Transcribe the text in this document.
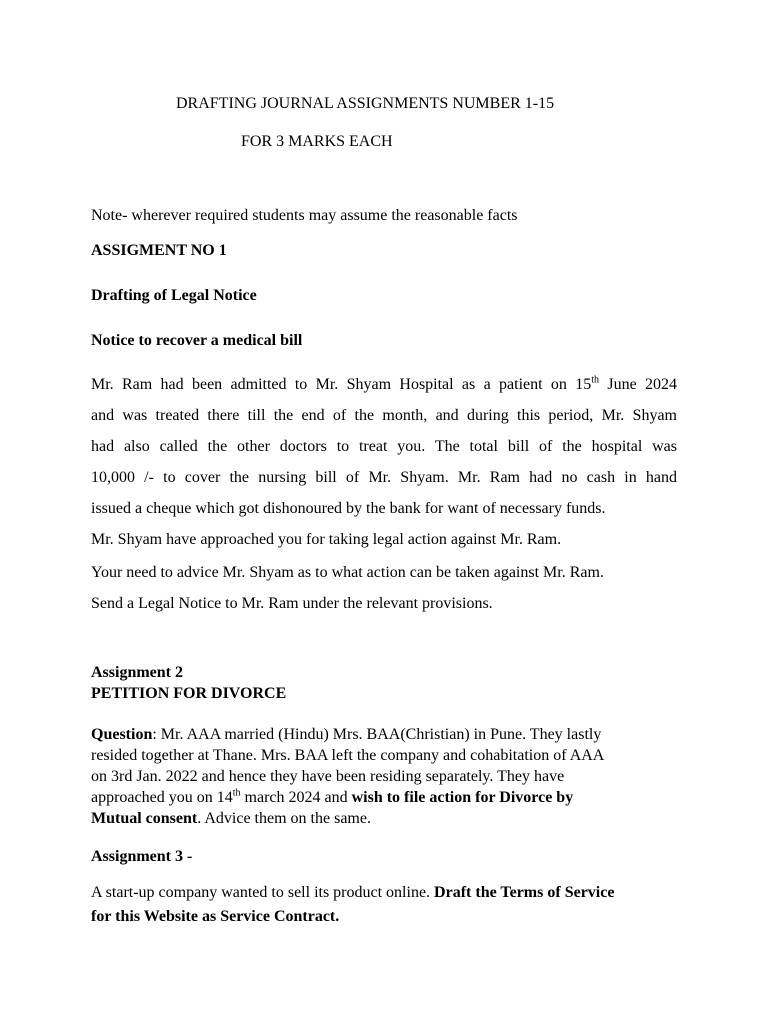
DRAFTING JOURNAL ASSIGNMENTS NUMBER 1-15
FOR 3 MARKS EACH
Note- wherever required students may assume the reasonable facts
ASSIGMENT NO 1
Drafting of Legal Notice
Notice to recover a medical bill
Mr. Ram had been admitted to Mr. Shyam Hospital as a patient on 15th June 2024
and was treated there till the end of the month, and during this period, Mr. Shyam
had also called the other doctors to treat you. The total bill of the hospital was
10,000 /- to cover the nursing bill of Mr. Shyam. Mr. Ram had no cash in hand
issued a cheque which got dishonoured by the bank for want of necessary funds.
Mr. Shyam have approached you for taking legal action against Mr. Ram.
Your need to advice Mr. Shyam as to what action can be taken against Mr. Ram.
Send a Legal Notice to Mr. Ram under the relevant provisions.
Assignment 2
PETITION FOR DIVORCE
Question: Mr. AAA married (Hindu) Mrs. BAA(Christian) in Pune. They lastly
resided together at Thane. Mrs. BAA left the company and cohabitation of AAA
on 3rd Jan. 2022 and hence they have been residing separately. They have
approached you on 14th march 2024 and wish to file action for Divorce by
Mutual consent. Advice them on the same.
Assignment 3 -
A start-up company wanted to sell its product online. Draft the Terms of Service
for this Website as Service Contract.
